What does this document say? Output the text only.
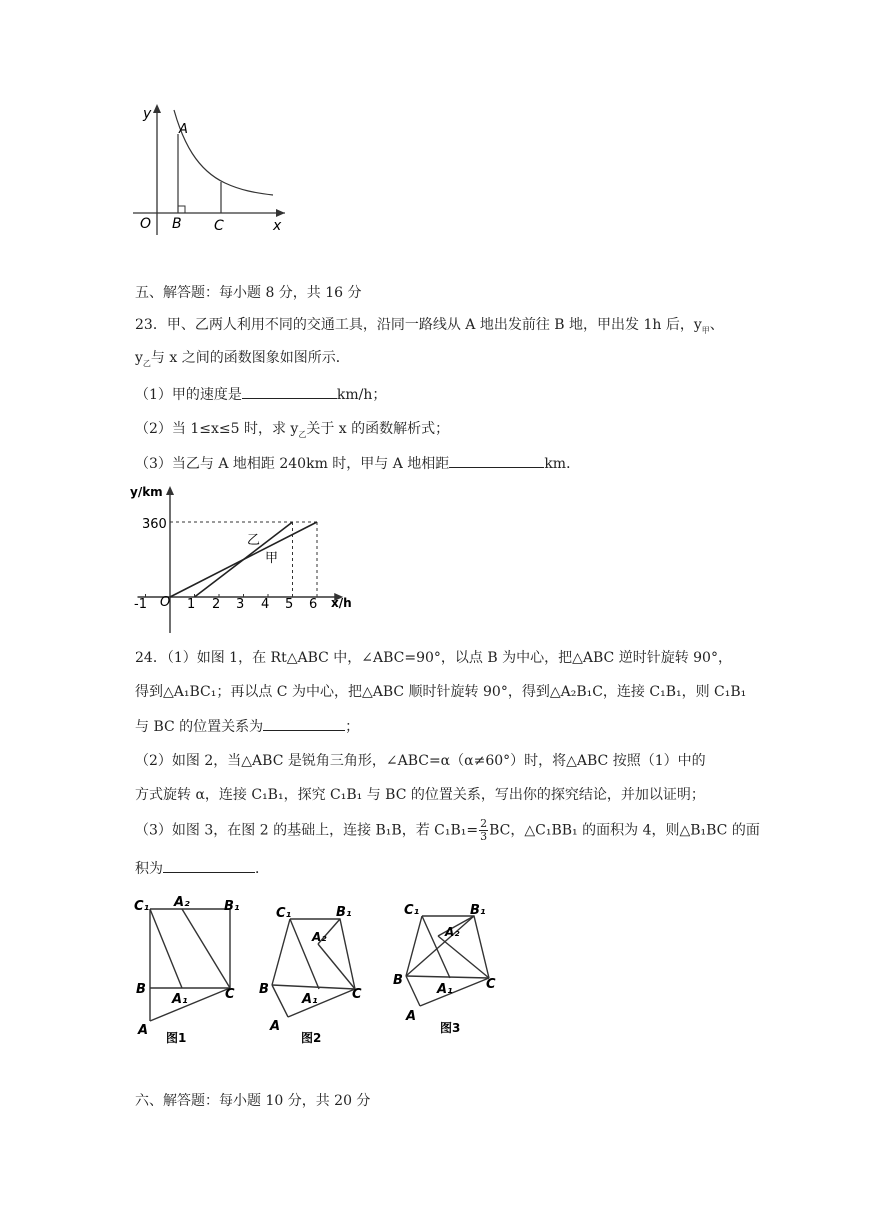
y
O	x
A
B C
五、解答题：每小题 8 分，共 16 分
23．甲、乙两人利用不同的交通工具，沿同一路线从 A 地出发前往 B 地，甲出发 1h 后，$y_甲$、
$y_乙$与 x 之间的函数图象如图所示．
（1）甲的速度是	km/h；
（2）当 1≤x≤5 时，求 $y_乙$关于 x 的函数解析式；
（3）当乙与 A 地相距 240km 时，甲与 A 地相距	km．
y/km
x/h
O
360
-1	1 2 3 4 5 6
乙
甲
24．（1）如图 1，在 Rt△ABC 中，∠ABC=90°，以点 B 为中心，把△ABC 逆时针旋转 90°，
得到△A₁BC₁；再以点 C 为中心，把△ABC 顺时针旋转 90°，得到△A₂B₁C，连接 C₁B₁，则 C₁B₁
与 BC 的位置关系为	；
（2）如图 2，当△ABC 是锐角三角形，∠ABC=α（α≠60°）时，将△ABC 按照（1）中的
方式旋转 α，连接 C₁B₁，探究 C₁B₁ 与 BC 的位置关系，写出你的探究结论，并加以证明；
（3）如图 3，在图 2 的基础上，连接 B₁B，若 $C_1B_1= \frac{2}{3}$ BC，△C₁BB₁ 的面积为 4，则△B₁BC 的面
积为	．
C₁ A₂	B₁
B
A₁	C
A 图1
C₁	B₁
A₂
B
A₁	C
A
图2
C₁	B₁
A₂
B
A₁	C
A
图3
六、解答题：每小题 10 分，共 20 分
